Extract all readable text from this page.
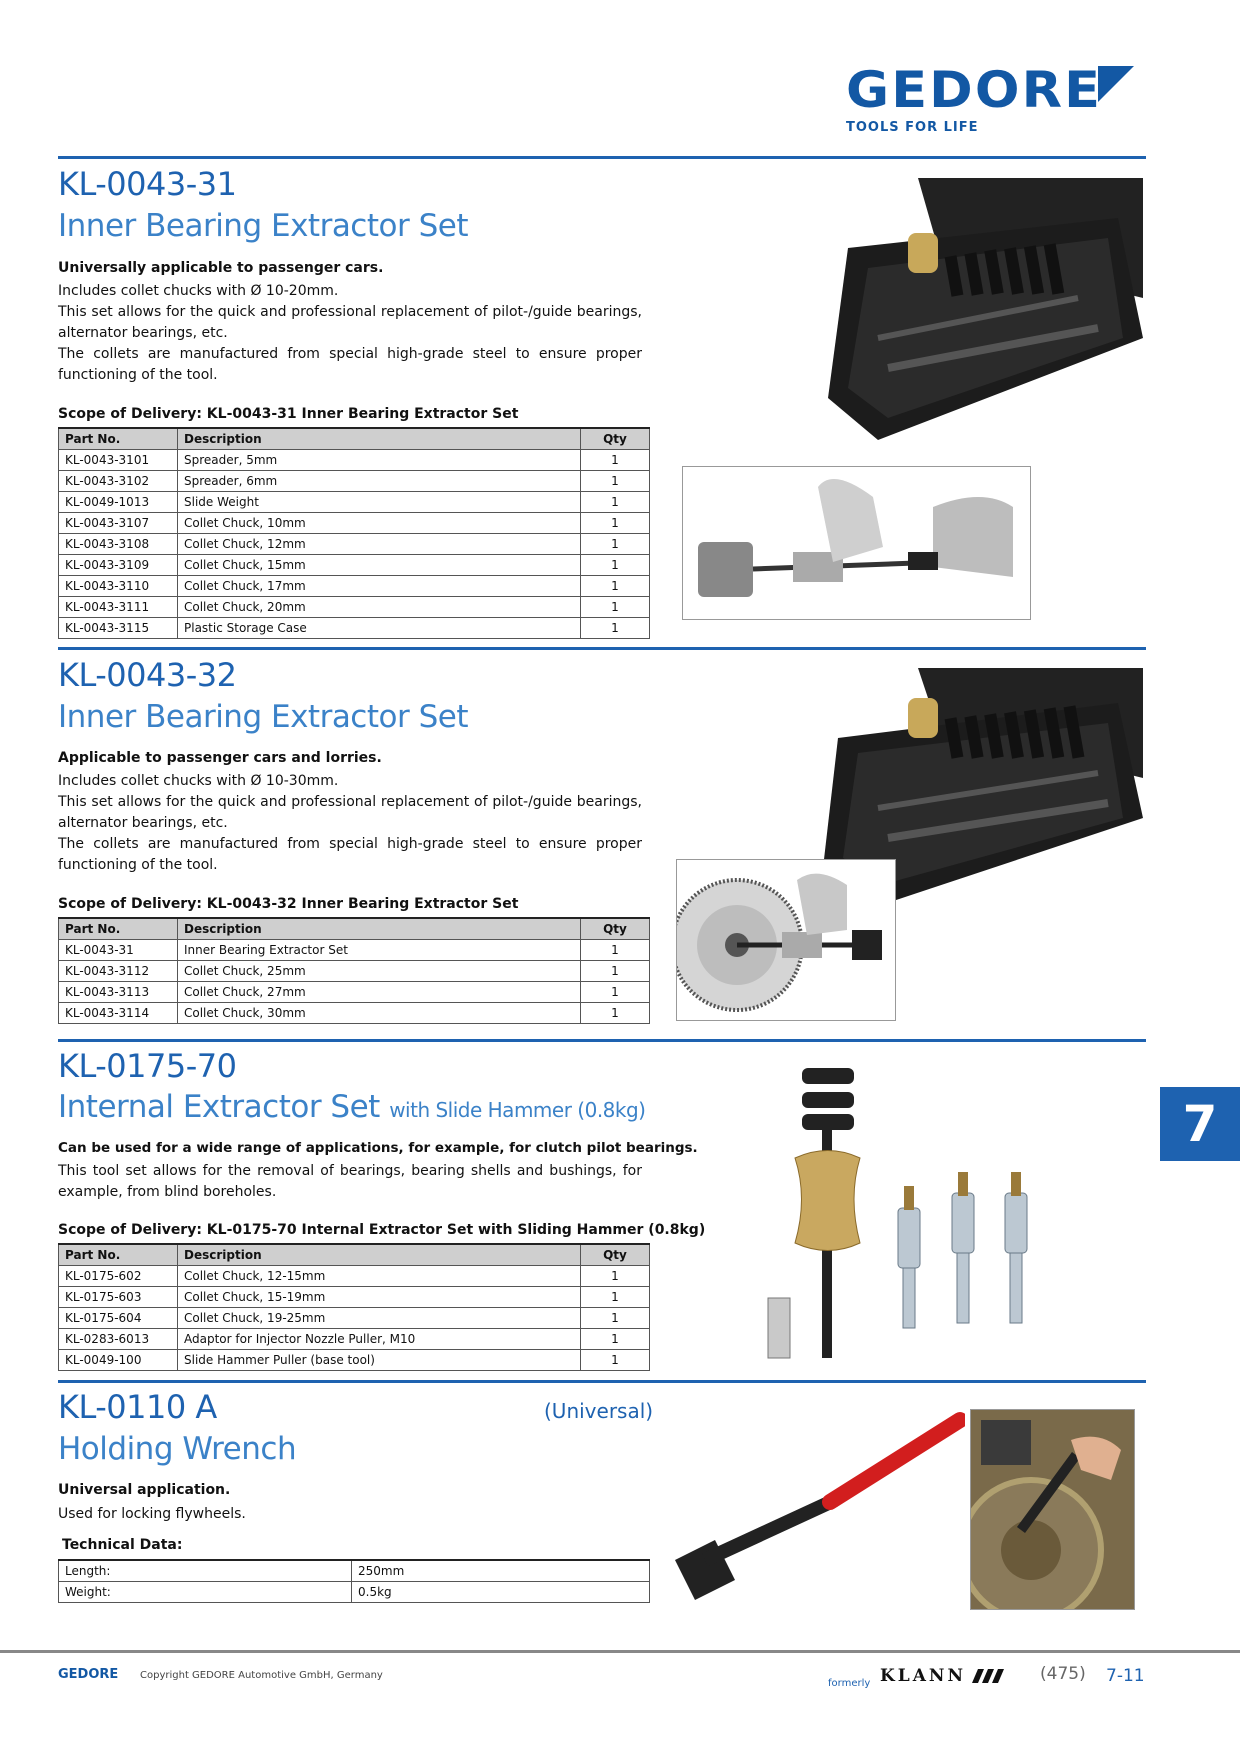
GEDORE
TOOLS FOR LIFE
KL-0043-31
Inner Bearing Extractor Set
Universally applicable to passenger cars.

Includes collet chucks with Ø 10-20mm.

This set allows for the quick and professional replacement of pilot-/guide bearings, alternator bearings, etc.

The collets are manufactured from special high-grade steel to ensure proper functioning of the tool.

Scope of Delivery: KL-0043-31 Inner Bearing Extractor Set
Part No.	Description	Qty
KL-0043-3101	Spreader, 5mm	1
KL-0043-3102	Spreader, 6mm	1
KL-0049-1013	Slide Weight	1
KL-0043-3107	Collet Chuck, 10mm	1
KL-0043-3108	Collet Chuck, 12mm	1
KL-0043-3109	Collet Chuck, 15mm	1
KL-0043-3110	Collet Chuck, 17mm	1
KL-0043-3111	Collet Chuck, 20mm	1
KL-0043-3115	Plastic Storage Case	1
KL-0043-32
Inner Bearing Extractor Set
Applicable to passenger cars and lorries.

Includes collet chucks with Ø 10-30mm.

This set allows for the quick and professional replacement of pilot-/guide bearings, alternator bearings, etc.

The collets are manufactured from special high-grade steel to ensure proper functioning of the tool.

Scope of Delivery: KL-0043-32 Inner Bearing Extractor Set
Part No.	Description	Qty
KL-0043-31	Inner Bearing Extractor Set	1
KL-0043-3112	Collet Chuck, 25mm	1
KL-0043-3113	Collet Chuck, 27mm	1
KL-0043-3114	Collet Chuck, 30mm	1
KL-0175-70
Internal Extractor Set with Slide Hammer (0.8kg)
Can be used for a wide range of applications, for example, for clutch pilot bearings.

This tool set allows for the removal of bearings, bearing shells and bushings, for example, from blind boreholes.

Scope of Delivery: KL-0175-70 Internal Extractor Set with Sliding Hammer (0.8kg)
Part No.	Description	Qty
KL-0175-602	Collet Chuck, 12-15mm	1
KL-0175-603	Collet Chuck, 15-19mm	1
KL-0175-604	Collet Chuck, 19-25mm	1
KL-0283-6013	Adaptor for Injector Nozzle Puller, M10	1
KL-0049-100	Slide Hammer Puller (base tool)	1
KL-0110 A	(Universal)
Holding Wrench
Universal application.

Used for locking flywheels.

Technical Data:
Length:	250mm
Weight:	0.5kg
7
GEDORE Copyright GEDORE Automotive GmbH, Germany
formerly KLANN	(475) 7-11
